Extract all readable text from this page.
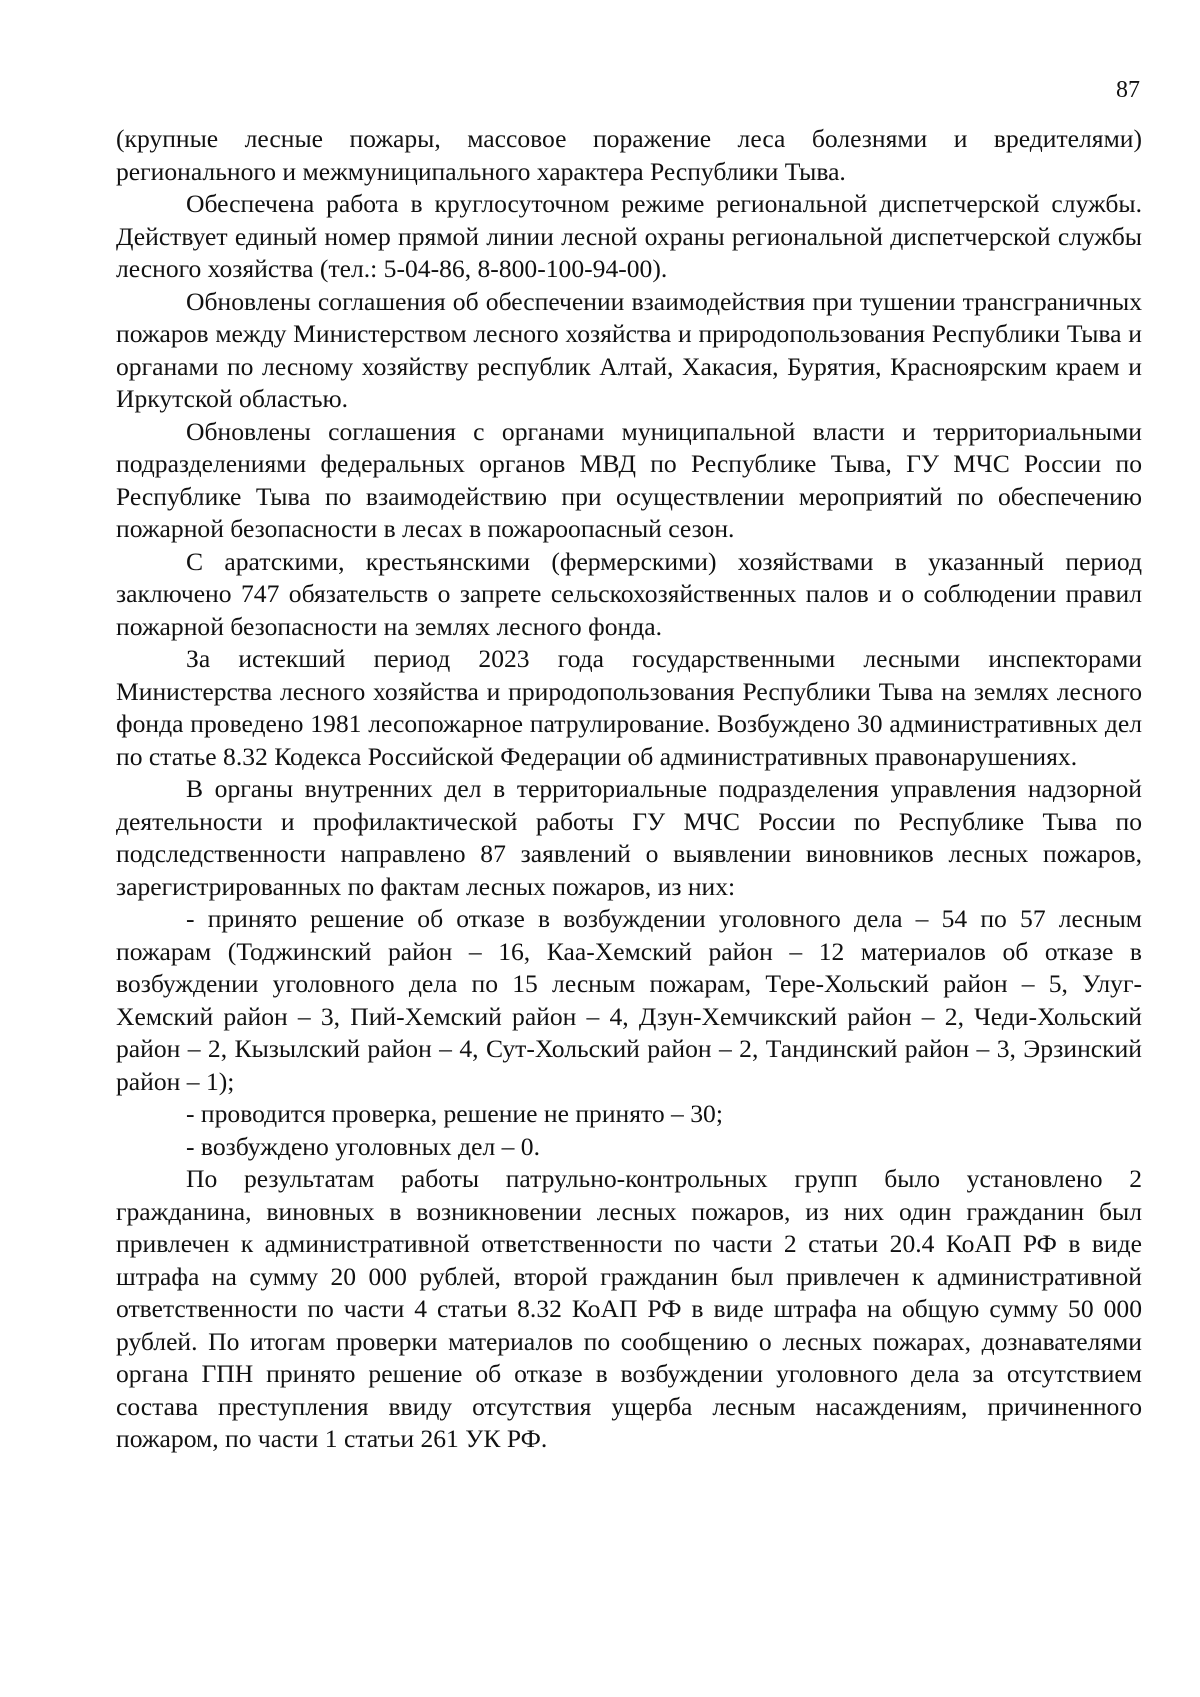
87

(крупные лесные пожары, массовое поражение леса болезнями и вредителями) регионального и межмуниципального характера Республики Тыва.

Обеспечена работа в круглосуточном режиме региональной диспетчерской службы. Действует единый номер прямой линии лесной охраны региональной диспетчерской службы лесного хозяйства (тел.: 5-04-86, 8-800-100-94-00).

Обновлены соглашения об обеспечении взаимодействия при тушении трансграничных пожаров между Министерством лесного хозяйства и природопользования Республики Тыва и органами по лесному хозяйству республик Алтай, Хакасия, Бурятия, Красноярским краем и Иркутской областью.

Обновлены соглашения с органами муниципальной власти и территориальными подразделениями федеральных органов МВД по Республике Тыва, ГУ МЧС России по Республике Тыва по взаимодействию при осуществлении мероприятий по обеспечению пожарной безопасности в лесах в пожароопасный сезон.

С аратскими, крестьянскими (фермерскими) хозяйствами в указанный период заключено 747 обязательств о запрете сельскохозяйственных палов и о соблюдении правил пожарной безопасности на землях лесного фонда.

За истекший период 2023 года государственными лесными инспекторами Министерства лесного хозяйства и природопользования Республики Тыва на землях лесного фонда проведено 1981 лесопожарное патрулирование. Возбуждено 30 административных дел по статье 8.32 Кодекса Российской Федерации об административных правонарушениях.

В органы внутренних дел в территориальные подразделения управления надзорной деятельности и профилактической работы ГУ МЧС России по Республике Тыва по подследственности направлено 87 заявлений о выявлении виновников лесных пожаров, зарегистрированных по фактам лесных пожаров, из них:

- принято решение об отказе в возбуждении уголовного дела – 54 по 57 лесным пожарам (Тоджинский район – 16, Каа-Хемский район – 12 материалов об отказе в возбуждении уголовного дела по 15 лесным пожарам, Тере-Хольский район – 5, Улуг-Хемский район – 3, Пий-Хемский район – 4, Дзун-Хемчикский район – 2, Чеди-Хольский район – 2, Кызылский район – 4, Сут-Хольский район – 2, Тандинский район – 3, Эрзинский район – 1);

- проводится проверка, решение не принято – 30;

- возбуждено уголовных дел – 0.

По результатам работы патрульно-контрольных групп было установлено 2 гражданина, виновных в возникновении лесных пожаров, из них один гражданин был привлечен к административной ответственности по части 2 статьи 20.4 КоАП РФ в виде штрафа на сумму 20 000 рублей, второй гражданин был привлечен к административной ответственности по части 4 статьи 8.32 КоАП РФ в виде штрафа на общую сумму 50 000 рублей. По итогам проверки материалов по сообщению о лесных пожарах, дознавателями органа ГПН принято решение об отказе в возбуждении уголовного дела за отсутствием состава преступления ввиду отсутствия ущерба лесным насаждениям, причиненного пожаром, по части 1 статьи 261 УК РФ.
